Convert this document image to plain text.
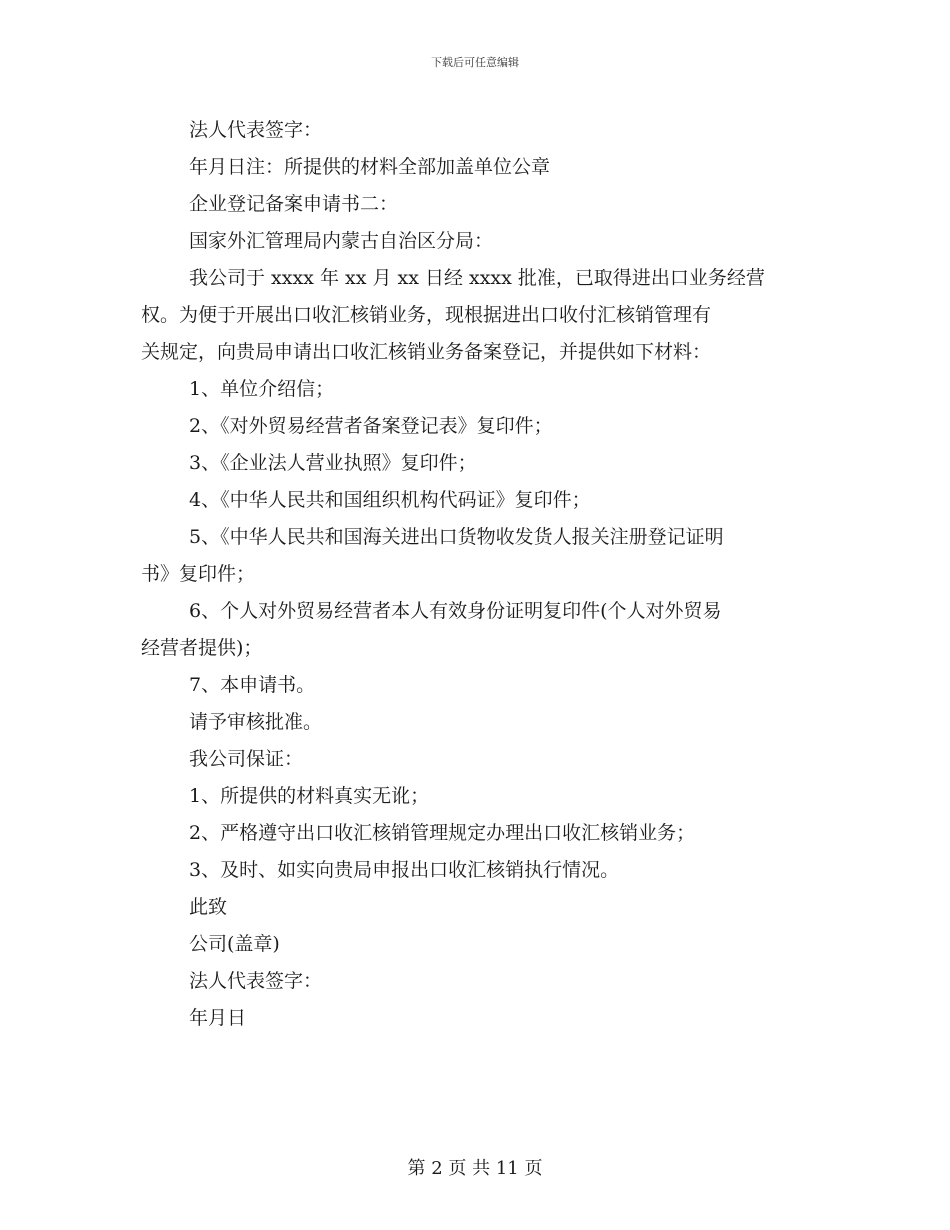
下载后可任意编辑
法人代表签字：
年月日注：所提供的材料全部加盖单位公章
企业登记备案申请书二：
国家外汇管理局内蒙古自治区分局：
我公司于 xxxx 年 xx 月 xx 日经 xxxx 批准，已取得进出口业务经营
权。为便于开展出口收汇核销业务，现根据进出口收付汇核销管理有
关规定，向贵局申请出口收汇核销业务备案登记，并提供如下材料：
1、单位介绍信；
2、《对外贸易经营者备案登记表》复印件；
3、《企业法人营业执照》复印件；
4、《中华人民共和国组织机构代码证》复印件；
5、《中华人民共和国海关进出口货物收发货人报关注册登记证明
书》复印件；
6、个人对外贸易经营者本人有效身份证明复印件(个人对外贸易
经营者提供)；
7、本申请书。
请予审核批准。
我公司保证：
1、所提供的材料真实无讹；
2、严格遵守出口收汇核销管理规定办理出口收汇核销业务；
3、及时、如实向贵局申报出口收汇核销执行情况。
此致
公司(盖章)
法人代表签字：
年月日
第 2 页 共 11 页
